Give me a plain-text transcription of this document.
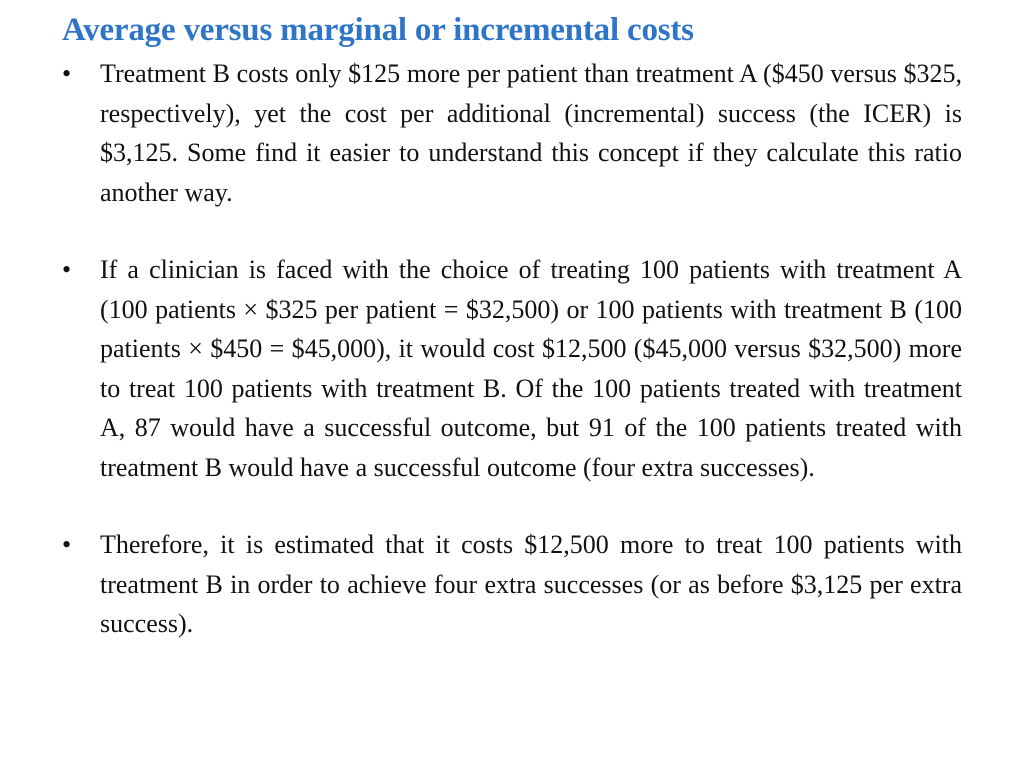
Average versus marginal or incremental costs
•	Treatment B costs only $125 more per patient than treatment A ($450 versus $325, respectively), yet the cost per additional (incremental) success (the ICER) is $3,125. Some find it easier to understand this concept if they calculate this ratio another way.
•	If a clinician is faced with the choice of treating 100 patients with treatment A (100 patients × $325 per patient = $32,500) or 100 patients with treatment B (100 patients × $450 = $45,000), it would cost $12,500 ($45,000 versus $32,500) more to treat 100 patients with treatment B. Of the 100 patients treated with treatment A, 87 would have a successful outcome, but 91 of the 100 patients treated with treatment B would have a successful outcome (four extra successes).
•	Therefore, it is estimated that it costs $12,500 more to treat 100 patients with treatment B in order to achieve four extra successes (or as before $3,125 per extra success).
